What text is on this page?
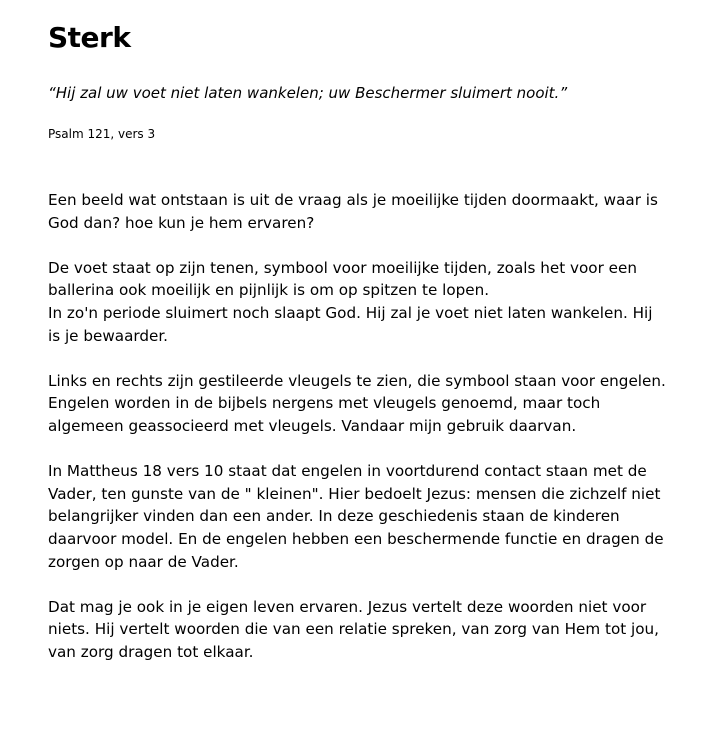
Sterk

“Hij zal uw voet niet laten wankelen; uw Beschermer sluimert nooit.”

Psalm 121, vers 3

Een beeld wat ontstaan is uit de vraag als je moeilijke tijden doormaakt, waar is
God dan? hoe kun je hem ervaren?

De voet staat op zijn tenen, symbool voor moeilijke tijden, zoals het voor een
ballerina ook moeilijk en pijnlijk is om op spitzen te lopen.
In zo'n periode sluimert noch slaapt God. Hij zal je voet niet laten wankelen. Hij
is je bewaarder.

Links en rechts zijn gestileerde vleugels te zien, die symbool staan voor engelen.
Engelen worden in de bijbels nergens met vleugels genoemd, maar toch
algemeen geassocieerd met vleugels. Vandaar mijn gebruik daarvan.

In Mattheus 18 vers 10 staat dat engelen in voortdurend contact staan met de
Vader, ten gunste van de " kleinen". Hier bedoelt Jezus: mensen die zichzelf niet
belangrijker vinden dan een ander. In deze geschiedenis staan de kinderen
daarvoor model. En de engelen hebben een beschermende functie en dragen de
zorgen op naar de Vader.

Dat mag je ook in je eigen leven ervaren. Jezus vertelt deze woorden niet voor
niets. Hij vertelt woorden die van een relatie spreken, van zorg van Hem tot jou,
van zorg dragen tot elkaar.
